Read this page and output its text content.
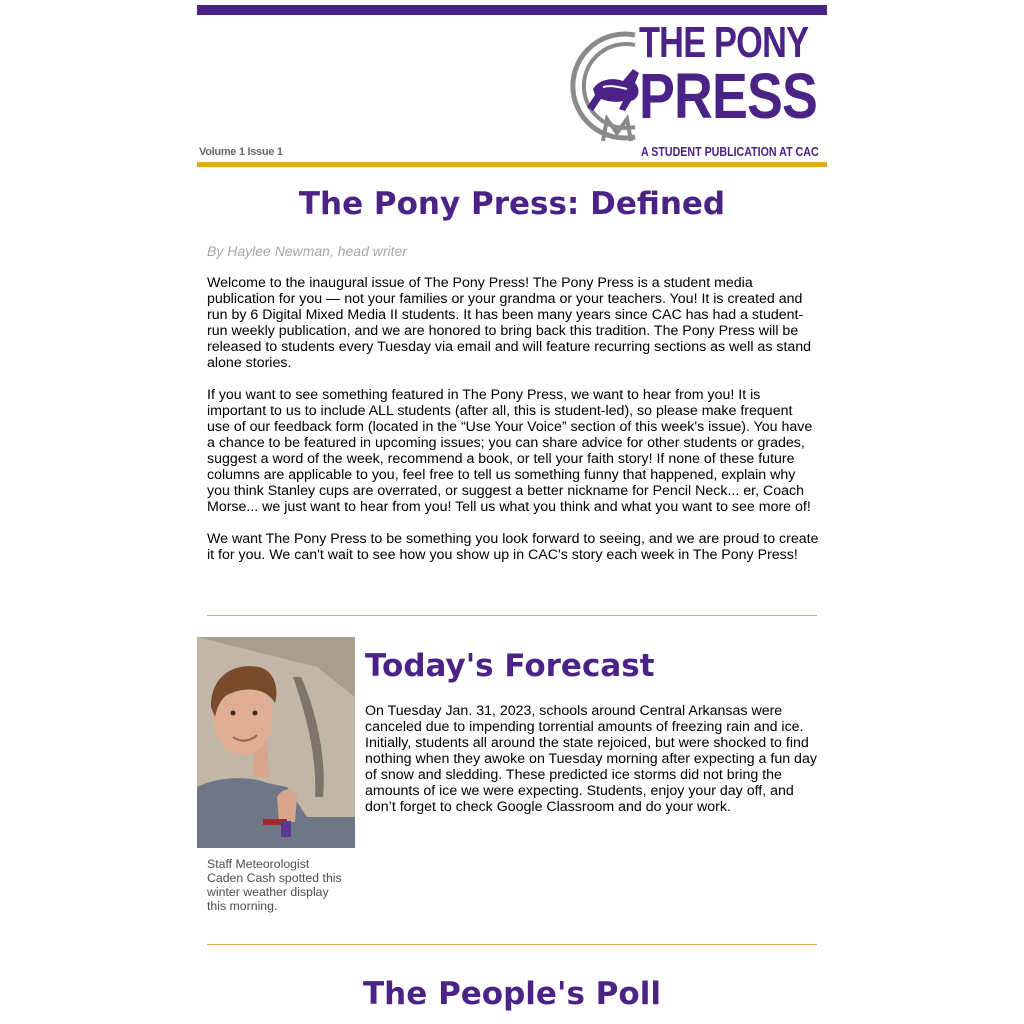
Volume 1 Issue 1
THE PONY
PRESS
A STUDENT PUBLICATION AT CAC
The Pony Press: Defined
By Haylee Newman, head writer

Welcome to the inaugural issue of The Pony Press! The Pony Press is a student media publication for you — not your families or your grandma or your teachers. You! It is created and run by 6 Digital Mixed Media II students. It has been many years since CAC has had a student-run weekly publication, and we are honored to bring back this tradition. The Pony Press will be released to students every Tuesday via email and will feature recurring sections as well as stand alone stories.

If you want to see something featured in The Pony Press, we want to hear from you! It is important to us to include ALL students (after all, this is student-led), so please make frequent use of our feedback form (located in the “Use Your Voice” section of this week's issue). You have a chance to be featured in upcoming issues; you can share advice for other students or grades, suggest a word of the week, recommend a book, or tell your faith story! If none of these future columns are applicable to you, feel free to tell us something funny that happened, explain why you think Stanley cups are overrated, or suggest a better nickname for Pencil Neck... er, Coach Morse... we just want to hear from you! Tell us what you think and what you want to see more of!

We want The Pony Press to be something you look forward to seeing, and we are proud to create it for you. We can't wait to see how you show up in CAC's story each week in The Pony Press!

Staff Meteorologist Caden Cash spotted this winter weather display this morning.
Today's Forecast

On Tuesday Jan. 31, 2023, schools around Central Arkansas were canceled due to impending torrential amounts of freezing rain and ice. Initially, students all around the state rejoiced, but were shocked to find nothing when they awoke on Tuesday morning after expecting a fun day of snow and sledding. These predicted ice storms did not bring the amounts of ice we were expecting. Students, enjoy your day off, and don’t forget to check Google Classroom and do your work.

The People's Poll
